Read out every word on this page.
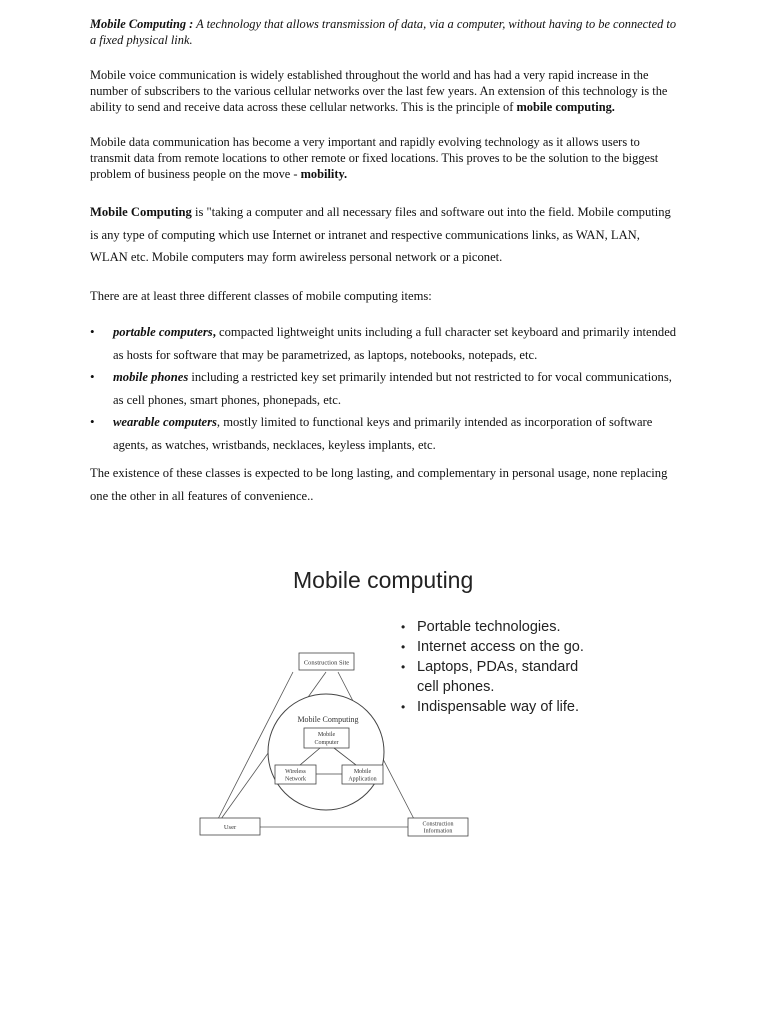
Mobile Computing : A technology that allows transmission of data, via a computer, without having to be connected to a fixed physical link.

Mobile voice communication is widely established throughout the world and has had a very rapid increase in the number of subscribers to the various cellular networks over the last few years. An extension of this technology is the ability to send and receive data across these cellular networks. This is the principle of mobile computing.

Mobile data communication has become a very important and rapidly evolving technology as it allows users to transmit data from remote locations to other remote or fixed locations. This proves to be the solution to the biggest problem of business people on the move - mobility.

Mobile Computing is "taking a computer and all necessary files and software out into the field. Mobile computing is any type of computing which use Internet or intranet and respective communications links, as WAN, LAN, WLAN etc. Mobile computers may form awireless personal network or a piconet.

There are at least three different classes of mobile computing items:

• portable computers, compacted lightweight units including a full character set keyboard and primarily intended as hosts for software that may be parametrized, as laptops, notebooks, notepads, etc.
• mobile phones including a restricted key set primarily intended but not restricted to for vocal communications, as cell phones, smart phones, phonepads, etc.
• wearable computers, mostly limited to functional keys and primarily intended as incorporation of software agents, as watches, wristbands, necklaces, keyless implants, etc.

The existence of these classes is expected to be long lasting, and complementary in personal usage, none replacing one the other in all features of convenience..

Mobile computing

Construction Site
Mobile Computing
Mobile
Computer
Wireless
Network
Mobile
Application
User	Construction
Information
• Portable technologies.
• Internet access on the go.
• Laptops, PDAs, standard cell phones.
• Indispensable way of life.
